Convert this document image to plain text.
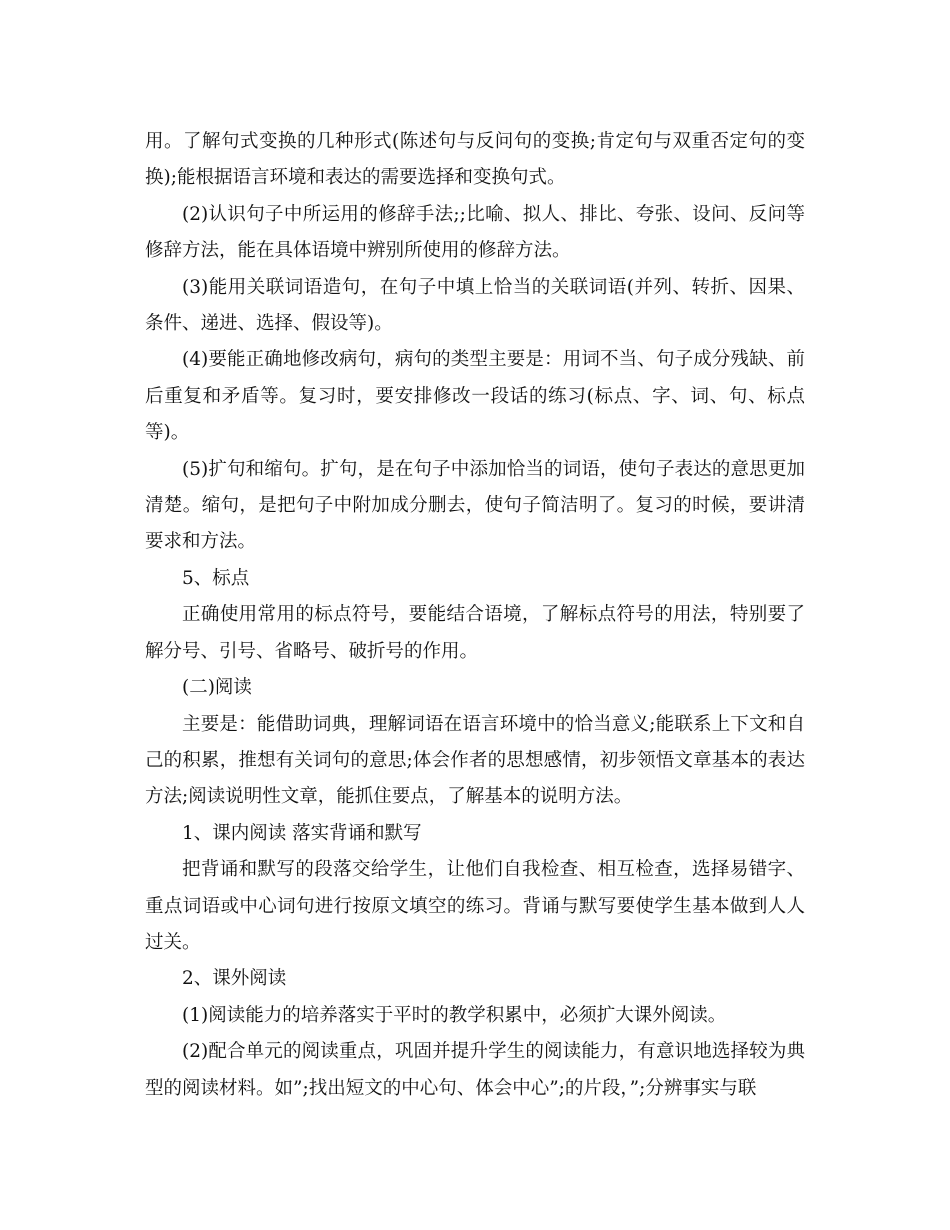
用。了解句式变换的几种形式(陈述句与反问句的变换;肯定句与双重否定句的变换);能根据语言环境和表达的需要选择和变换句式。

(2)认识句子中所运用的修辞手法;;比喻、拟人、排比、夸张、设问、反问等修辞方法，能在具体语境中辨别所使用的修辞方法。

(3)能用关联词语造句，在句子中填上恰当的关联词语(并列、转折、因果、条件、递进、选择、假设等)。

(4)要能正确地修改病句，病句的类型主要是：用词不当、句子成分残缺、前后重复和矛盾等。复习时，要安排修改一段话的练习(标点、字、词、句、标点等)。

(5)扩句和缩句。扩句，是在句子中添加恰当的词语，使句子表达的意思更加清楚。缩句，是把句子中附加成分删去，使句子简洁明了。复习的时候，要讲清要求和方法。

5、标点

正确使用常用的标点符号，要能结合语境，了解标点符号的用法，特别要了解分号、引号、省略号、破折号的作用。

(二)阅读

主要是：能借助词典，理解词语在语言环境中的恰当意义;能联系上下文和自己的积累，推想有关词句的意思;体会作者的思想感情，初步领悟文章基本的表达方法;阅读说明性文章，能抓住要点，了解基本的说明方法。

1、课内阅读 落实背诵和默写

把背诵和默写的段落交给学生，让他们自我检查、相互检查，选择易错字、重点词语或中心词句进行按原文填空的练习。背诵与默写要使学生基本做到人人过关。

2、课外阅读

(1)阅读能力的培养落实于平时的教学积累中，必须扩大课外阅读。

(2)配合单元的阅读重点，巩固并提升学生的阅读能力，有意识地选择较为典型的阅读材料。如”;找出短文的中心句、体会中心”;的片段，”;分辨事实与联
